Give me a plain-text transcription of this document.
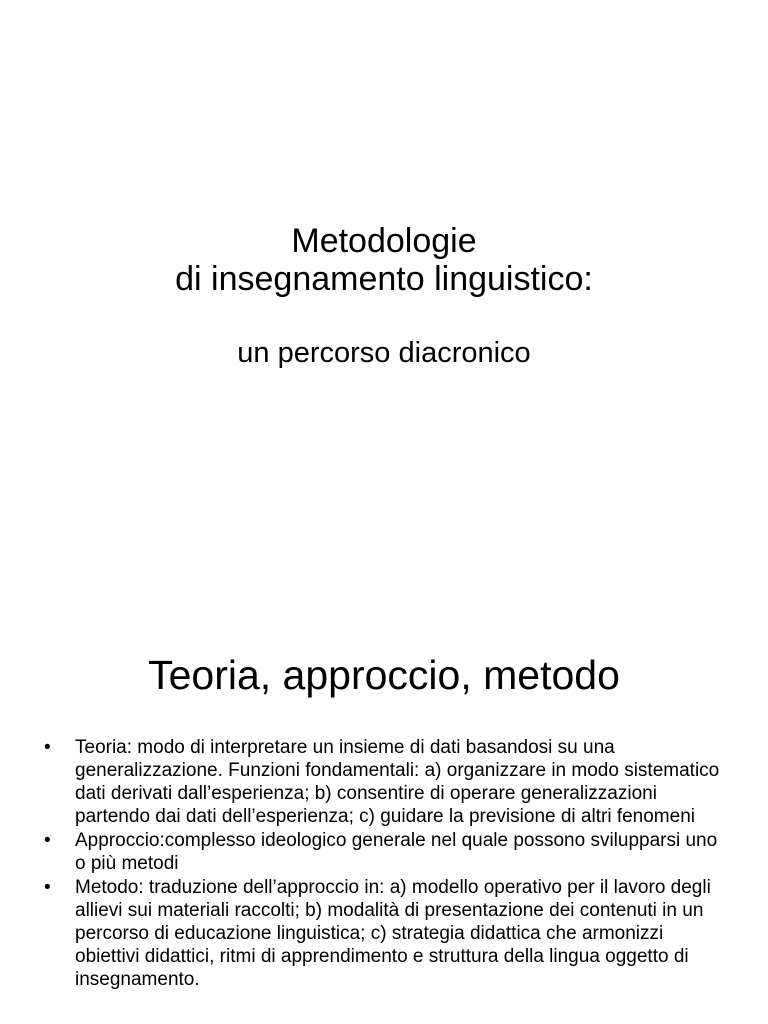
Metodologie
di insegnamento linguistico:

un percorso diacronico

Teoria, approccio, metodo
• Teoria: modo di interpretare un insieme di dati basandosi su una generalizzazione. Funzioni fondamentali: a) organizzare in modo sistematico dati derivati dall’esperienza; b) consentire di operare generalizzazioni partendo dai dati dell’esperienza; c) guidare la previsione di altri fenomeni
• Approccio:complesso ideologico generale nel quale possono svilupparsi uno o più metodi
• Metodo: traduzione dell’approccio in: a) modello operativo per il lavoro degli allievi sui materiali raccolti; b) modalità di presentazione dei contenuti in un percorso di educazione linguistica; c) strategia didattica che armonizzi obiettivi didattici, ritmi di apprendimento e struttura della lingua oggetto di insegnamento.
